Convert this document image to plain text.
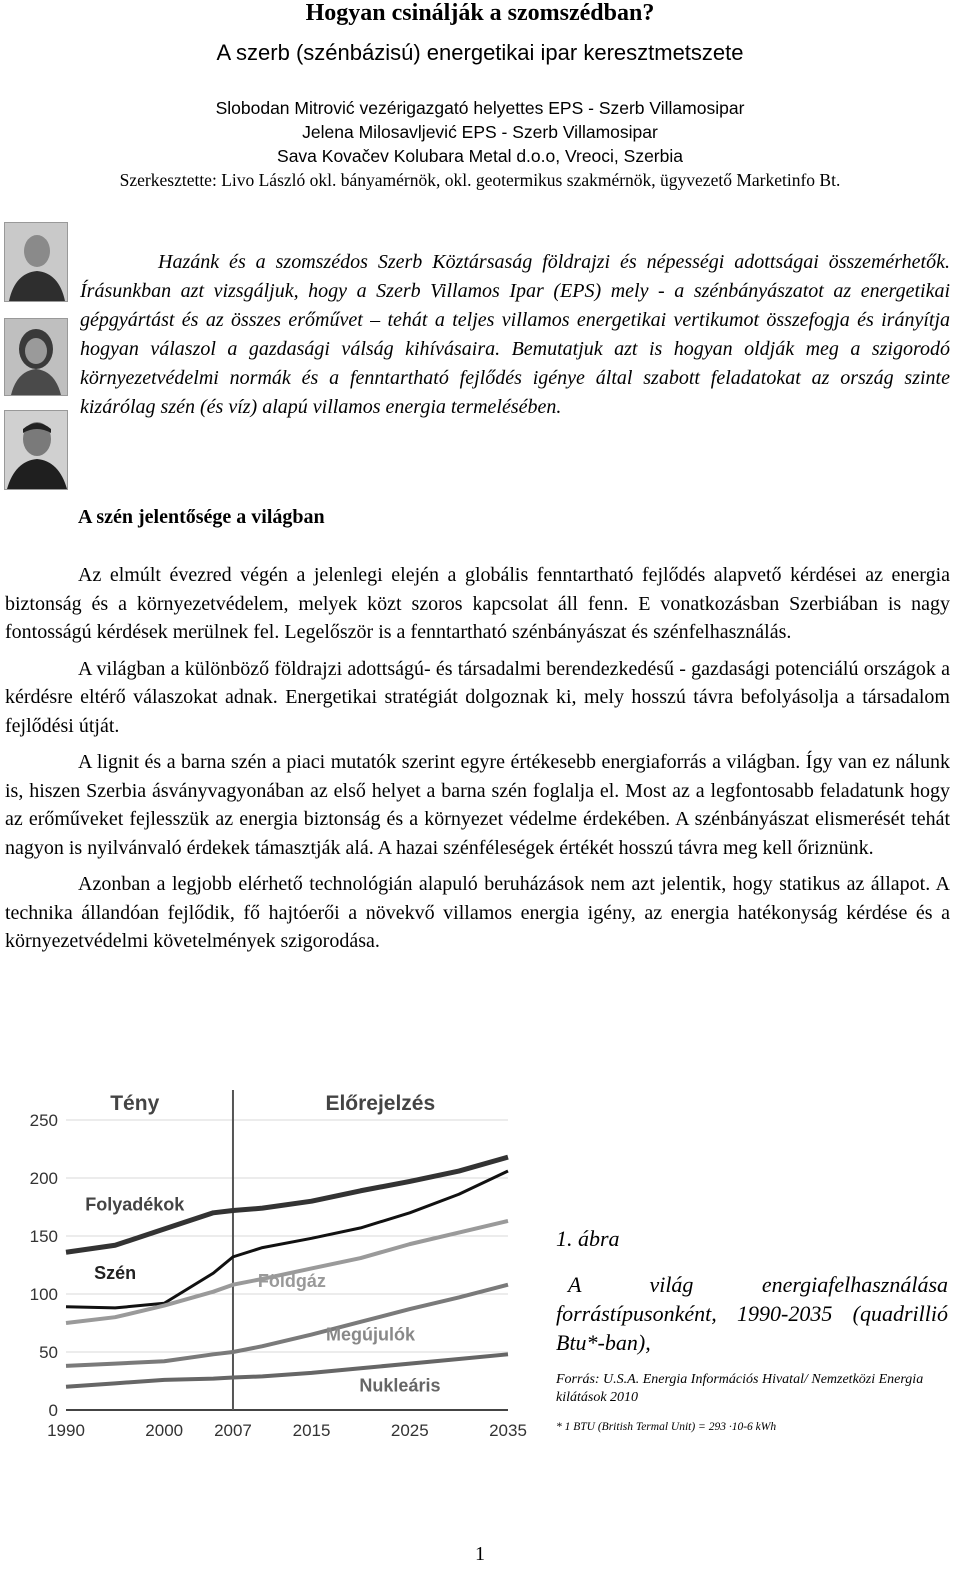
Hogyan csinálják a szomszédban?
A szerb (szénbázisú) energetikai ipar keresztmetszete
Slobodan Mitrović vezérigazgató helyettes EPS - Szerb Villamosipar
Jelena Milosavljević EPS - Szerb Villamosipar
Sava Kovačev Kolubara Metal d.o.o, Vreoci, Szerbia
Szerkesztette: Livo László okl. bányamérnök, okl. geotermikus szakmérnök, ügyvezető Marketinfo Bt.

Hazánk és a szomszédos Szerb Köztársaság földrajzi és népességi adottságai összemérhetők. Írásunkban azt vizsgáljuk, hogy a Szerb Villamos Ipar (EPS) mely - a szénbányászatot az energetikai gépgyártást és az összes erőművet – tehát a teljes villamos energetikai vertikumot összefogja és irányítja hogyan válaszol a gazdasági válság kihívásaira. Bemutatjuk azt is hogyan oldják meg a szigorodó környezetvédelmi normák és a fenntartható fejlődés igénye által szabott feladatokat az ország szinte kizárólag szén (és víz) alapú villamos energia termelésében.

A szén jelentősége a világban

Az elmúlt évezred végén a jelenlegi elején a globális fenntartható fejlődés alapvető kérdései az energia biztonság és a környezetvédelem, melyek közt szoros kapcsolat áll fenn. E vonatkozásban Szerbiában is nagy fontosságú kérdések merülnek fel. Legelőször is a fenntartható szénbányászat és szénfelhasználás.

A világban a különböző földrajzi adottságú- és társadalmi berendezkedésű - gazdasági potenciálú országok a kérdésre eltérő válaszokat adnak. Energetikai stratégiát dolgoznak ki, mely hosszú távra befolyásolja a társadalom fejlődési útját.

A lignit és a barna szén a piaci mutatók szerint egyre értékesebb energiaforrás a világban. Így van ez nálunk is, hiszen Szerbia ásványvagyonában az első helyet a barna szén foglalja el. Most az a legfontosabb feladatunk hogy az erőműveket fejlesszük az energia biztonság és a környezet védelme érdekében. A szénbányászat elismerését tehát nagyon is nyilvánvaló érdekek támasztják alá. A hazai szénféleségek értékét hosszú távra meg kell őriznünk.

Azonban a legjobb elérhető technológián alapuló beruházások nem azt jelentik, hogy statikus az állapot. A technika állandóan fejlődik, fő hajtóerői a növekvő villamos energia igény, az energia hatékonyság kérdése és a környezetvédelmi követelmények szigorodása.

0
50
100
150
200
250
1990	2000 2007 2015	2025	2035
Tény	Előrejelzés
Folyadékok
Szén	Földgáz
Megújulók
Nukleáris
1. ábra
A világ energiafelhasználása forrástípusonként, 1990-2035 (quadrillió Btu*-ban),
Forrás: U.S.A. Energia Információs Hivatal/ Nemzetközi Energia kilátások 2010
* 1 BTU (British Termal Unit) = 293 ·10-6 kWh
1
